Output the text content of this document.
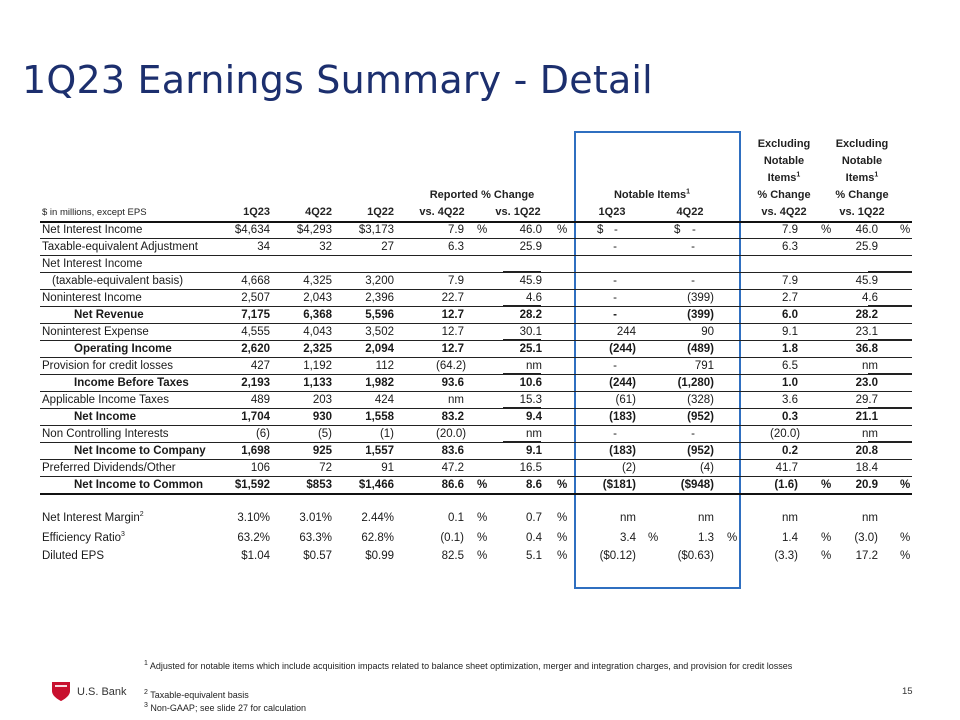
1Q23 Earnings Summary - Detail
Excluding
Notable
Items$^1$
% Change
vs. 4Q22
Excluding
Notable
Items$^1$
% Change
vs. 1Q22
Reported % Change	Notable Items$^1$
$ in millions, except EPS	1Q23	4Q22	1Q22	vs. 4Q22	vs. 1Q22	1Q23	4Q22
Net Interest Income	$4,634	$4,293	$3,173	7.9	46.0	-	-	7.9	46.0
%	%	%	%
$	$
Taxable-equivalent Adjustment	34	32	27	6.3	25.9	-	-	6.3	25.9
Net Interest Income
(taxable-equivalent basis)	4,668	4,325	3,200	7.9	45.9	-	-	7.9	45.9
Noninterest Income	2,507	2,043	2,396	22.7	4.6	-	(399)	2.7	4.6
Net Revenue	7,175	6,368	5,596	12.7	28.2	-	(399)	6.0	28.2
Noninterest Expense	4,555	4,043	3,502	12.7	30.1	244	90	9.1	23.1
Operating Income	2,620	2,325	2,094	12.7	25.1	(244)	(489)	1.8	36.8
Provision for credit losses	427	1,192	112	(64.2)	nm	-	791	6.5	nm
Income Before Taxes	2,193	1,133	1,982	93.6	10.6	(244)	(1,280)	1.0	23.0
Applicable Income Taxes	489	203	424	nm	15.3	(61)	(328)	3.6	29.7
Net Income	1,704	930	1,558	83.2	9.4	(183)	(952)	0.3	21.1
Non Controlling Interests	(6)	(5)	(1)	(20.0)	nm	-	-	(20.0)	nm
Net Income to Company	1,698	925	1,557	83.6	9.1	(183)	(952)	0.2	20.8
Preferred Dividends/Other	106	72	91	47.2	16.5	(2)	(4)	41.7	18.4
Net Income to Common	$1,592	$853	$1,466	86.6	8.6	($181)	($948)	(1.6)	20.9
%	%	%	%
Net Interest Margin$^2$	3.10%	3.01%	2.44%	0.1	0.7	nm	nm	nm	nm
%	%
Efficiency Ratio$^3$	63.2%	63.3%	62.8%	(0.1)	0.4	3.4	1.3	1.4	(3.0)
%	%	%	%	%	%
Diluted EPS	$1.04	$0.57	$0.99	82.5	5.1	($0.12)	($0.63)	(3.3)	17.2
%	%	%	%
$^1$ Adjusted for notable items which include acquisition impacts related to balance sheet optimization, merger and integration charges, and provision for credit losses
$^2$ Taxable-equivalent basis
$^3$ Non-GAAP; see slide 27 for calculation
U.S. Bank	15
